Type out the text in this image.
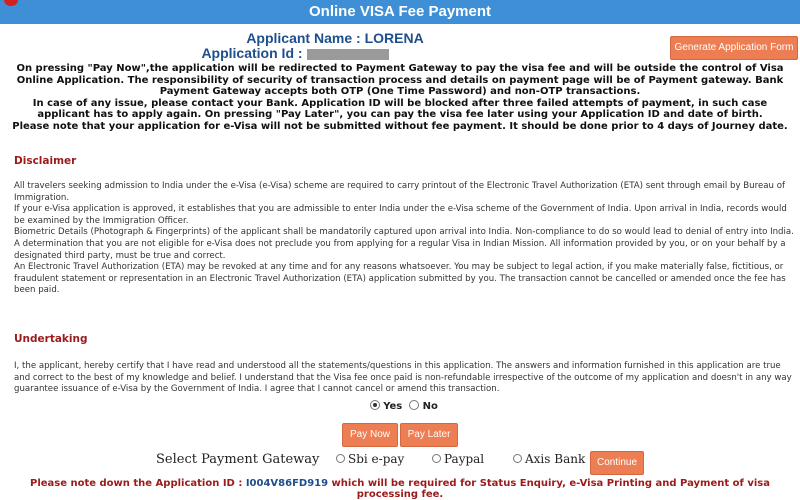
Online VISA Fee Payment
Applicant Name : LORENA
Application Id :	Generate Application Form
On pressing "Pay Now",the application will be redirected to Payment Gateway to pay the visa fee and will be outside the control of Visa Online Application. The responsibility of security of transaction process and details on payment page will be of Payment gateway. Bank Payment Gateway accepts both OTP (One Time Password) and non-OTP transactions.
In case of any issue, please contact your Bank. Application ID will be blocked after three failed attempts of payment, in such case applicant has to apply again. On pressing "Pay Later", you can pay the visa fee later using your Application ID and date of birth.
Please note that your application for e-Visa will not be submitted without fee payment. It should be done prior to 4 days of Journey date.
Disclaimer

All travelers seeking admission to India under the e-Visa (e-Visa) scheme are required to carry printout of the Electronic Travel Authorization (ETA) sent through email by Bureau of Immigration.

If your e-Visa application is approved, it establishes that you are admissible to enter India under the e-Visa scheme of the Government of India. Upon arrival in India, records would be examined by the Immigration Officer.

Biometric Details (Photograph & Fingerprints) of the applicant shall be mandatorily captured upon arrival into India. Non-compliance to do so would lead to denial of entry into India. A determination that you are not eligible for e-Visa does not preclude you from applying for a regular Visa in Indian Mission. All information provided by you, or on your behalf by a designated third party, must be true and correct.

An Electronic Travel Authorization (ETA) may be revoked at any time and for any reasons whatsoever. You may be subject to legal action, if you make materially false, fictitious, or fraudulent statement or representation in an Electronic Travel Authorization (ETA) application submitted by you. The transaction cannot be cancelled or amended once the fee has been paid.

Undertaking

I, the applicant, hereby certify that I have read and understood all the statements/questions in this application. The answers and information furnished in this application are true and correct to the best of my knowledge and belief. I understand that the Visa fee once paid is non-refundable irrespective of the outcome of my application and doesn't in any way guarantee issuance of e-Visa by the Government of India. I agree that I cannot cancel or amend this transaction.

Yes No
Pay Now	Pay Later
Select Payment Gateway	Sbi e-pay	Paypal	Axis Bank	Continue
Please note down the Application ID : I004V86FD919 which will be required for Status Enquiry, e-Visa Printing and Payment of visa processing fee.
